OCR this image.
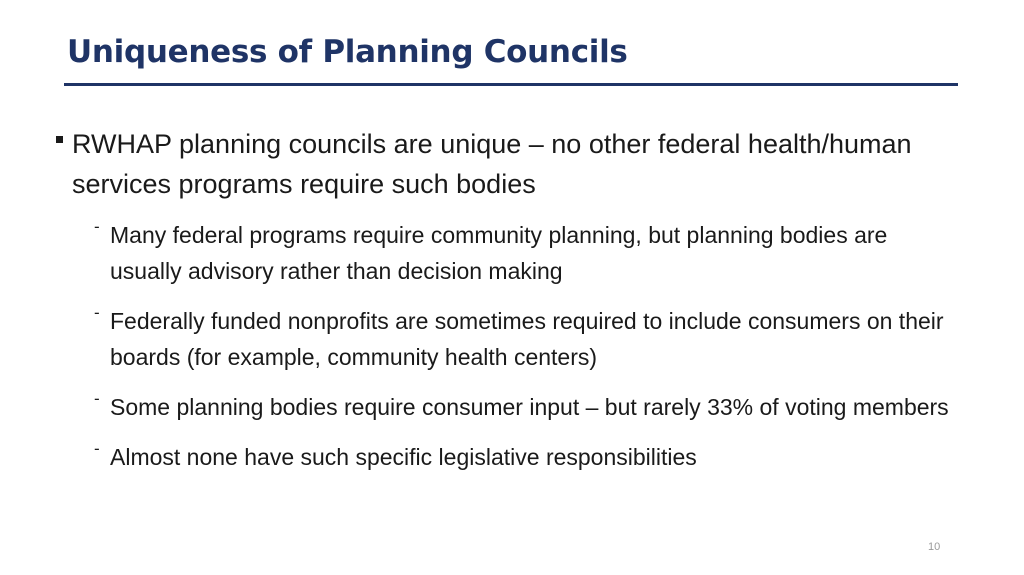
Uniqueness of Planning Councils
RWHAP planning councils are unique – no other federal health/human services programs require such bodies
- Many federal programs require community planning, but planning bodies are usually advisory rather than decision making
- Federally funded nonprofits are sometimes required to include consumers on their boards (for example, community health centers)
- Some planning bodies require consumer input – but rarely 33% of voting members
- Almost none have such specific legislative responsibilities
10
